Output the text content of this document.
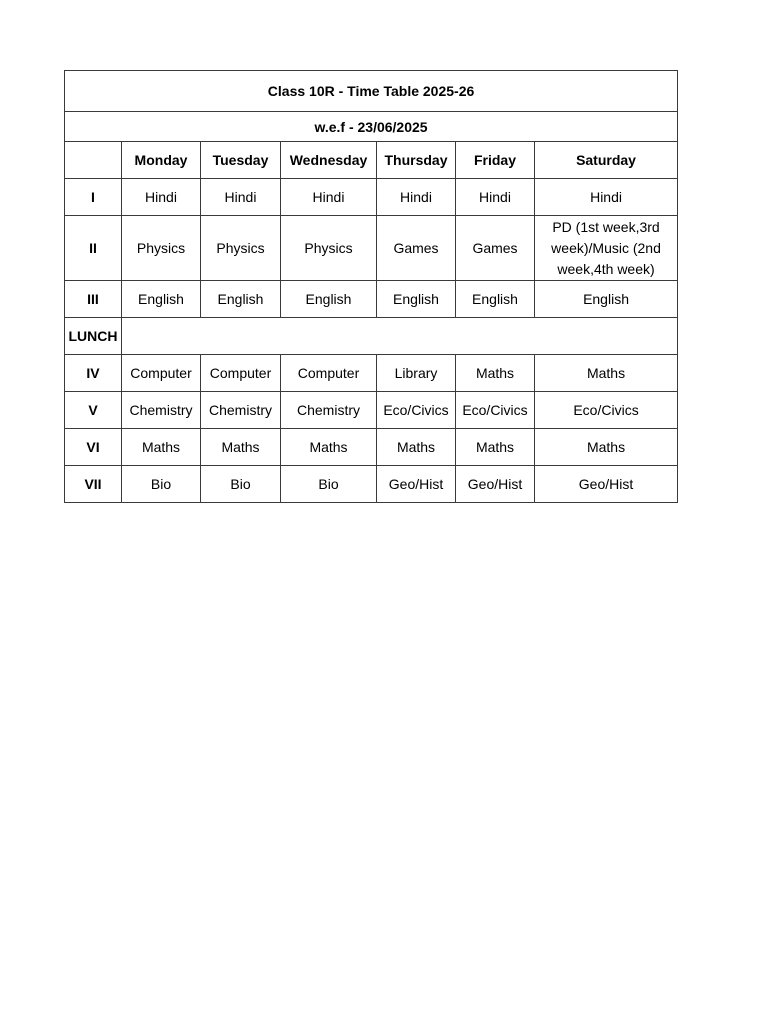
Class 10R - Time Table 2025-26						
w.e.f - 23/06/2025						
	Monday	Tuesday	Wednesday	Thursday	Friday	Saturday
I	Hindi	Hindi	Hindi	Hindi	Hindi	Hindi
II	Physics	Physics	Physics	Games	Games	PD (1st week,3rd week)/Music (2nd week,4th week)
III	English	English	English	English	English	English
LUNCH						
IV	Computer	Computer	Computer	Library	Maths	Maths
V	Chemistry	Chemistry	Chemistry	Eco/Civics	Eco/Civics	Eco/Civics
VI	Maths	Maths	Maths	Maths	Maths	Maths
VII	Bio	Bio	Bio	Geo/Hist	Geo/Hist	Geo/Hist
